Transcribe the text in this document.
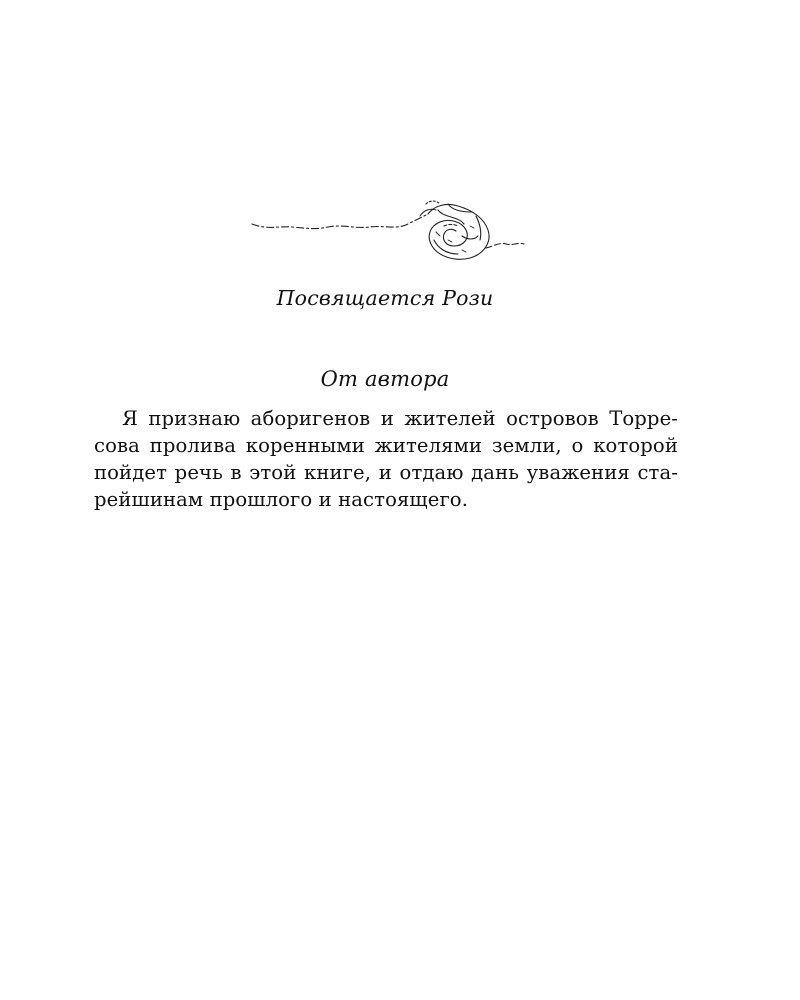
Посвящается Рози
От автора
Я признаю аборигенов и жителей островов Торре-
сова пролива коренными жителями земли, о которой
пойдет речь в этой книге, и отдаю дань уважения ста-
рейшинам прошлого и настоящего.
